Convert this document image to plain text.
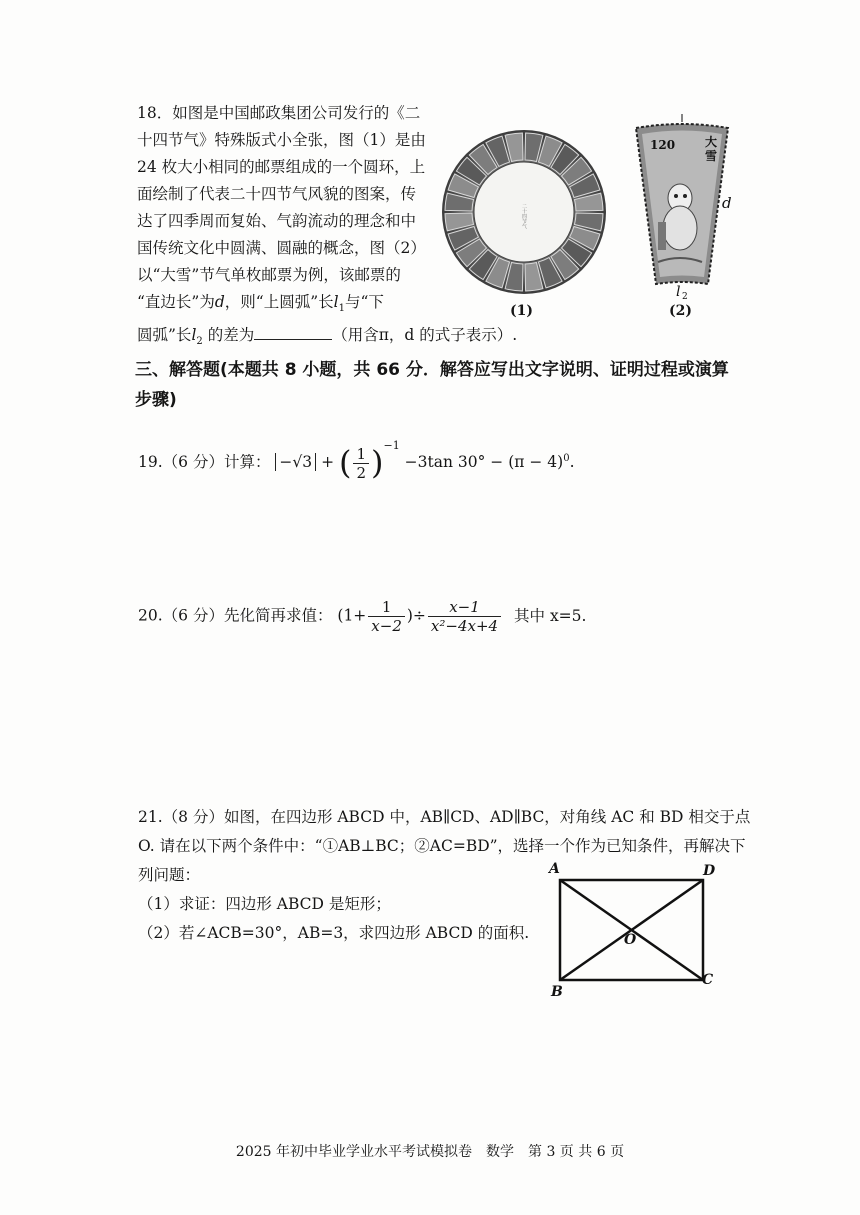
18．如图是中国邮政集团公司发行的《二
十四节气》特殊版式小全张，图（1）是由
24 枚大小相同的邮票组成的一个圆环，上
面绘制了代表二十四节气风貌的图案，传
达了四季周而复始、气韵流动的理念和中
国传统文化中圆满、圆融的概念，图（2）
以“大雪”节气单枚邮票为例，该邮票的
“直边长”为d，则“上圆弧”长$l_1$与“下
圆弧”长$l_2$ 的差为	（用含π，d 的式子表示）.
二十四节气
(1)
120 大
雪
d
l 2
(2)
三、解答题(本题共 8 小题，共 66 分．解答应写出文字说明、证明过程或演算步骤)
19.（6 分）计算： −√3 + ( $\frac{1}{2} )^{-1} -3\tan$ $30^\circ - (\pi - 4)^0$.
20.（6 分）先化简再求值： ($1+ \frac{1}{x-2}$ )÷ $\frac{x-1}{\text{x²−4x+4}}$ 其中 x=5.
21.（8 分）如图，在四边形 ABCD 中，AB∥CD、AD∥BC，对角线 AC 和 BD 相交于点
O. 请在以下两个条件中：“①AB⊥BC；②AC=BD”，选择一个作为已知条件，再解决下
列问题：
（1）求证：四边形 ABCD 是矩形；
（2）若∠ACB=30°，AB=3，求四边形 ABCD 的面积.
A	D
B
C
O
2025 年初中毕业学业水平考试模拟卷　数学　第 3 页 共 6 页
